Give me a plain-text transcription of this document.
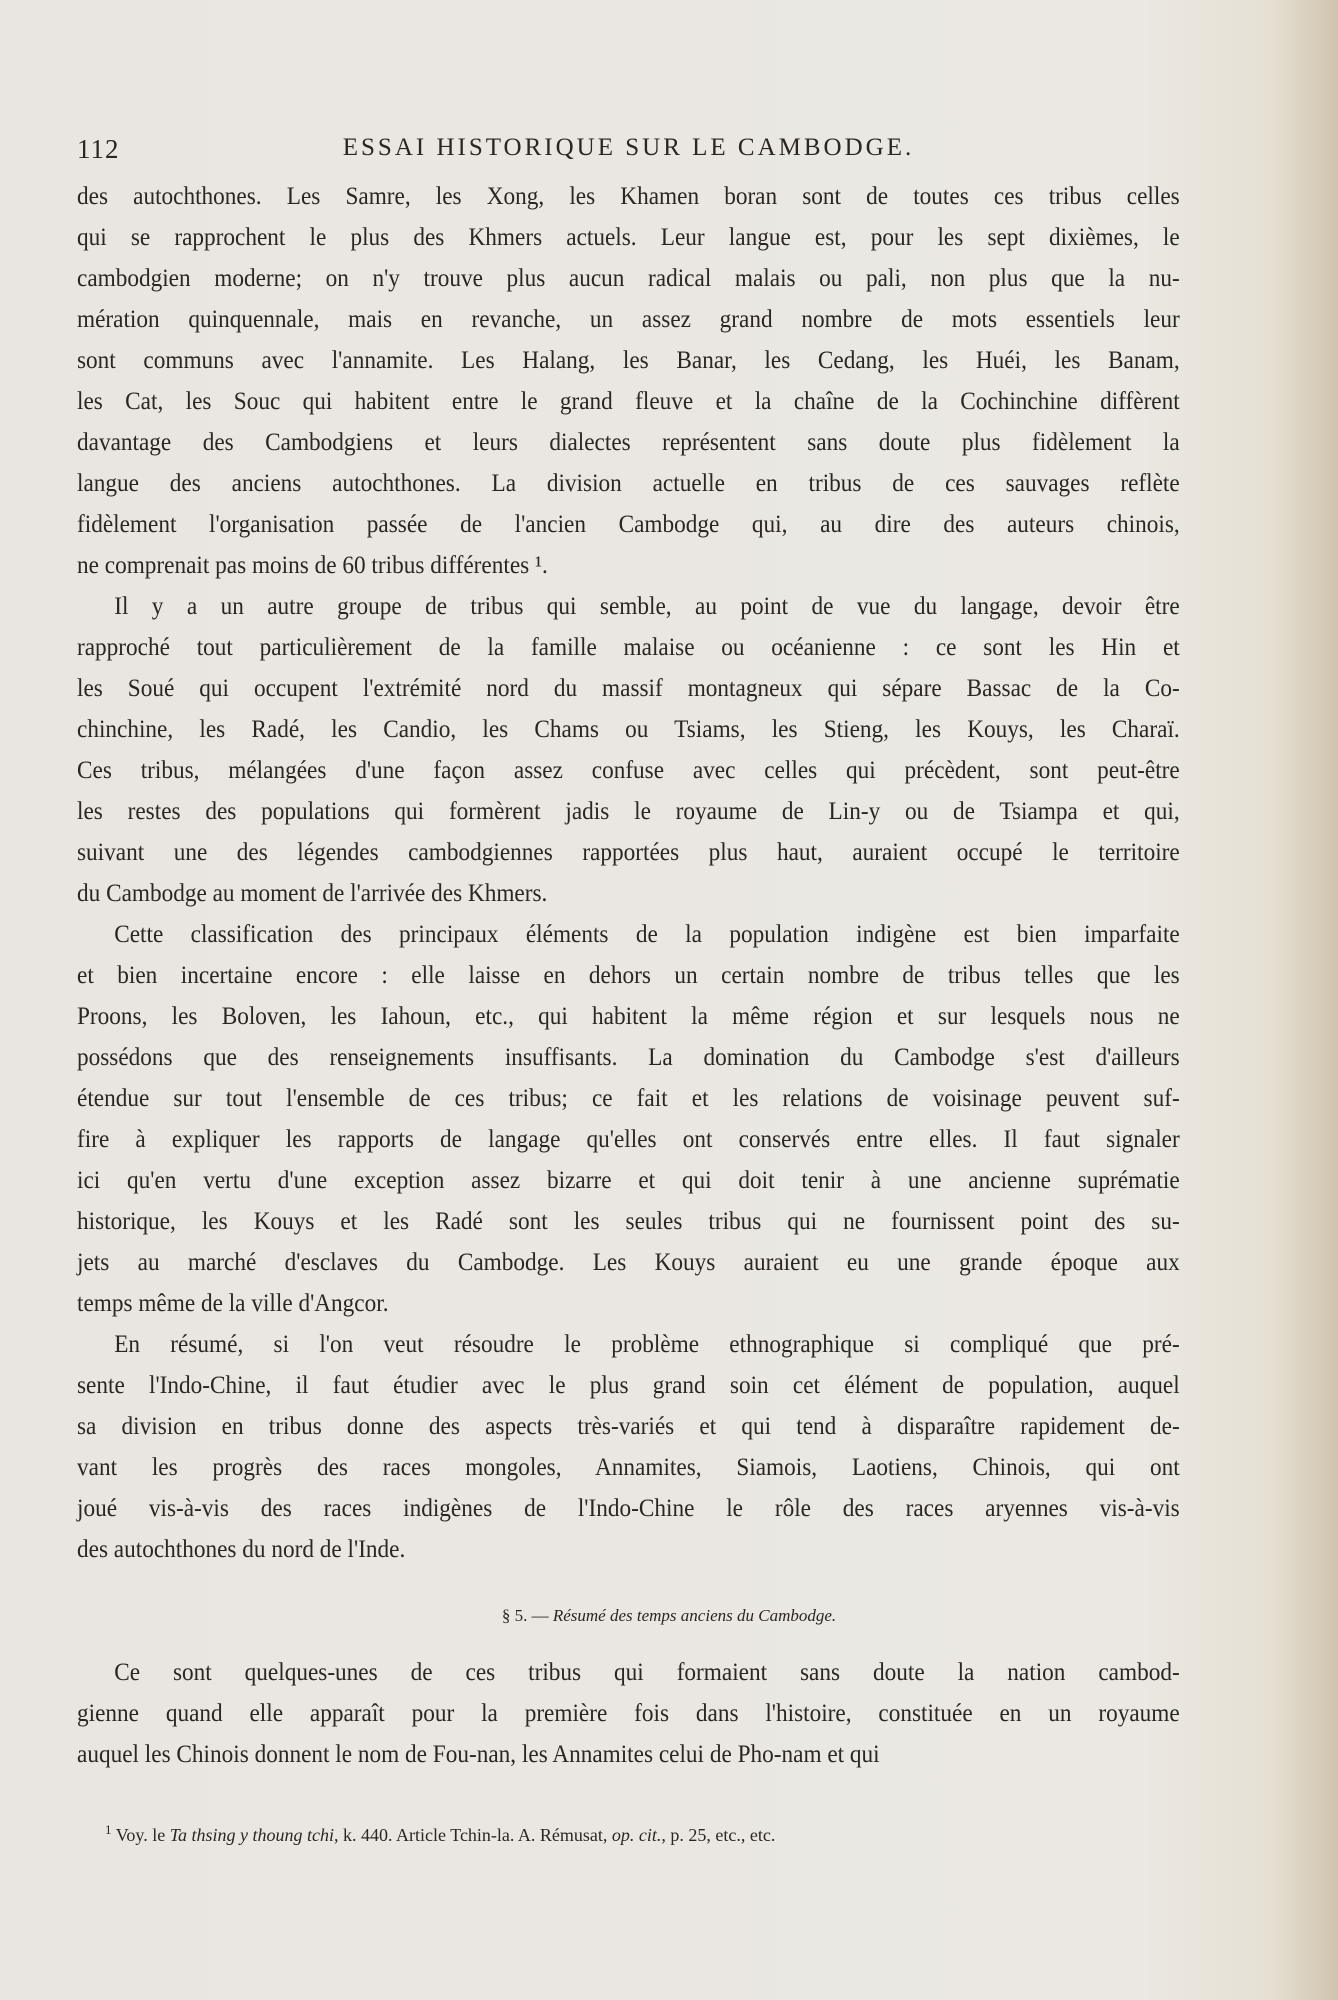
112	ESSAI HISTORIQUE SUR LE CAMBODGE.
des autochthones. Les Samre, les Xong, les Khamen boran sont de toutes ces tribus celles
qui se rapprochent le plus des Khmers actuels. Leur langue est, pour les sept dixièmes, le
cambodgien moderne; on n'y trouve plus aucun radical malais ou pali, non plus que la nu-
mération quinquennale, mais en revanche, un assez grand nombre de mots essentiels leur
sont communs avec l'annamite. Les Halang, les Banar, les Cedang, les Huéi, les Banam,
les Cat, les Souc qui habitent entre le grand fleuve et la chaîne de la Cochinchine diffèrent
davantage des Cambodgiens et leurs dialectes représentent sans doute plus fidèlement la
langue des anciens autochthones. La division actuelle en tribus de ces sauvages reflète
fidèlement l'organisation passée de l'ancien Cambodge qui, au dire des auteurs chinois,
ne comprenait pas moins de 60 tribus différentes ¹.
Il y a un autre groupe de tribus qui semble, au point de vue du langage, devoir être
rapproché tout particulièrement de la famille malaise ou océanienne : ce sont les Hin et
les Soué qui occupent l'extrémité nord du massif montagneux qui sépare Bassac de la Co-
chinchine, les Radé, les Candio, les Chams ou Tsiams, les Stieng, les Kouys, les Charaï.
Ces tribus, mélangées d'une façon assez confuse avec celles qui précèdent, sont peut-être
les restes des populations qui formèrent jadis le royaume de Lin-y ou de Tsiampa et qui,
suivant une des légendes cambodgiennes rapportées plus haut, auraient occupé le territoire
du Cambodge au moment de l'arrivée des Khmers.
Cette classification des principaux éléments de la population indigène est bien imparfaite
et bien incertaine encore : elle laisse en dehors un certain nombre de tribus telles que les
Proons, les Boloven, les Iahoun, etc., qui habitent la même région et sur lesquels nous ne
possédons que des renseignements insuffisants. La domination du Cambodge s'est d'ailleurs
étendue sur tout l'ensemble de ces tribus; ce fait et les relations de voisinage peuvent suf-
fire à expliquer les rapports de langage qu'elles ont conservés entre elles. Il faut signaler
ici qu'en vertu d'une exception assez bizarre et qui doit tenir à une ancienne suprématie
historique, les Kouys et les Radé sont les seules tribus qui ne fournissent point des su-
jets au marché d'esclaves du Cambodge. Les Kouys auraient eu une grande époque aux
temps même de la ville d'Angcor.
En résumé, si l'on veut résoudre le problème ethnographique si compliqué que pré-
sente l'Indo-Chine, il faut étudier avec le plus grand soin cet élément de population, auquel
sa division en tribus donne des aspects très-variés et qui tend à disparaître rapidement de-
vant les progrès des races mongoles, Annamites, Siamois, Laotiens, Chinois, qui ont
joué vis-à-vis des races indigènes de l'Indo-Chine le rôle des races aryennes vis-à-vis
des autochthones du nord de l'Inde.
§ 5. — Résumé des temps anciens du Cambodge.
Ce sont quelques-unes de ces tribus qui formaient sans doute la nation cambod-
gienne quand elle apparaît pour la première fois dans l'histoire, constituée en un royaume
auquel les Chinois donnent le nom de Fou-nan, les Annamites celui de Pho-nam et qui
$^1$ Voy. le Ta thsing y thoung tchi, k. 440. Article Tchin-la. A. Rémusat, op. cit., p. 25, etc., etc.
